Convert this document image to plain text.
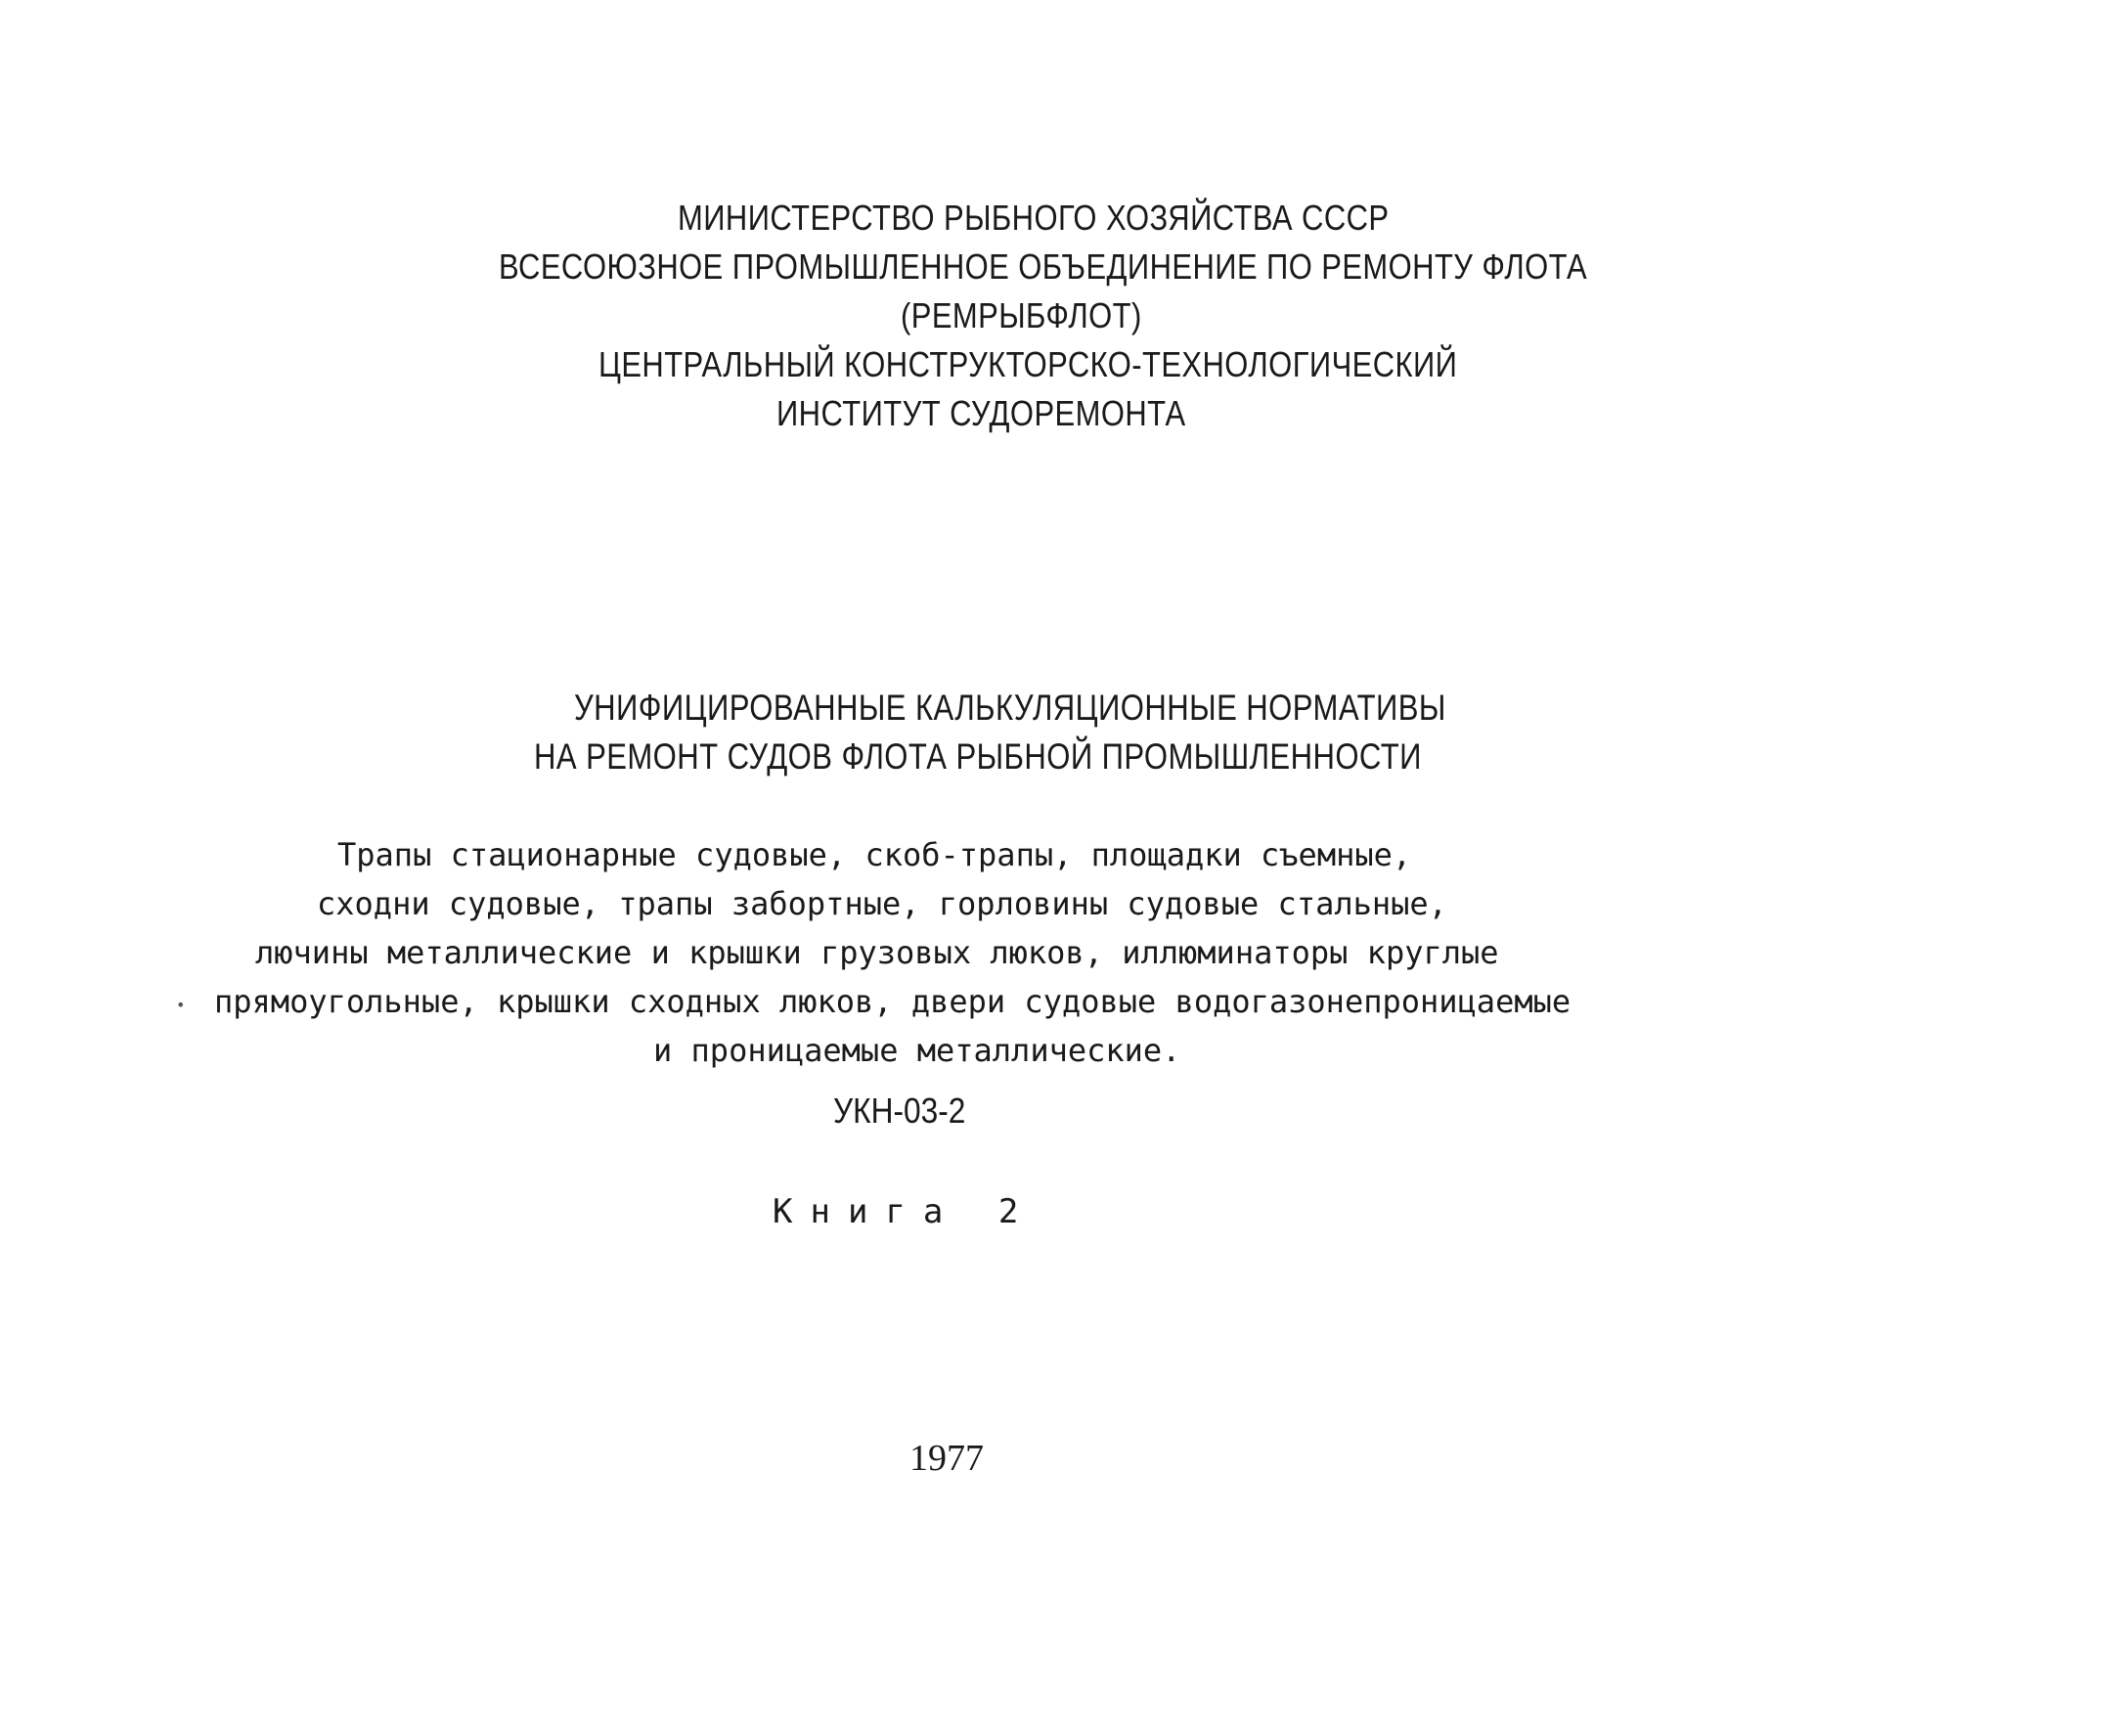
МИНИСТЕРСТВО РЫБНОГО ХОЗЯЙСТВА СССР
ВСЕСОЮЗНОЕ ПРОМЫШЛЕННОЕ ОБЪЕДИНЕНИЕ ПО РЕМОНТУ ФЛОТА
(РЕМРЫБФЛОТ)
ЦЕНТРАЛЬНЫЙ КОНСТРУКТОРСКО-ТЕХНОЛОГИЧЕСКИЙ
ИНСТИТУТ СУДОРЕМОНТА
УНИФИЦИРОВАННЫЕ КАЛЬКУЛЯЦИОННЫЕ НОРМАТИВЫ
НА РЕМОНТ СУДОВ ФЛОТА РЫБНОЙ ПРОМЫШЛЕННОСТИ
Трапы стационарные судовые, скоб-трапы, площадки съемные,
сходни судовые, трапы забортные, горловины судовые стальные,
лючины металлические и крышки грузовых люков, иллюминаторы круглые
• прямоугольные, крышки сходных люков, двери судовые водогазонепроницаемые
и проницаемые металлические.
УКН-03-2
Книга 2
1977
